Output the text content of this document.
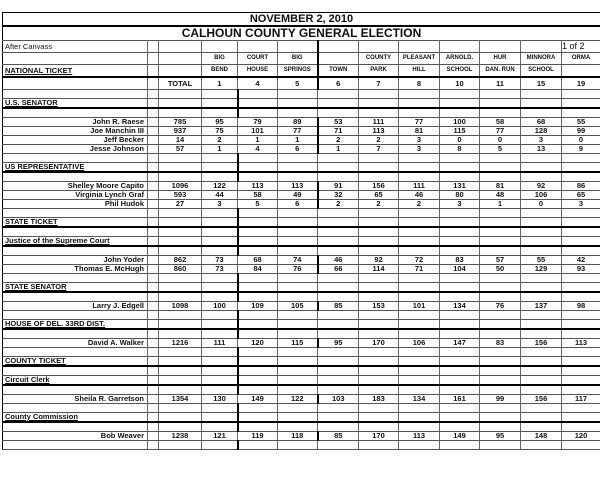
NOVEMBER 2, 2010
CALHOUN COUNTY GENERAL ELECTION
After Canvass												1 of 2
			BIG	COURT	BIG		COUNTY	PLEASANT	ARNOLD.	HUR	MINNORA	ORMA
NATIONAL TICKET			BEND	HOUSE	SPRINGS	TOWN	PARK	HILL	SCHOOL	DAN. RUN	SCHOOL	
		TOTAL	1	4	5	6	7	8	10	11	15	19

U.S. SENATOR												

John R. Raese		785	95	79	89	53	111	77	100	58	68	55
Joe Manchin III		937	75	101	77	71	113	81	115	77	128	99
Jeff Becker		14	2	1	1	2	2	3	0	0	3	0
Jesse Johnson		57	1	4	6	1	7	3	8	5	13	9

US REPRESENTATIVE												

Shelley Moore Capito		1096	122	113	113	91	156	111	131	81	92	86
Virginia Lynch Graf		593	44	58	49	32	65	46	80	48	106	65
Phil Hudok		27	3	5	6	2	2	2	3	1	0	3

STATE TICKET												

Justice of the Supreme Court												

John Yoder		862	73	68	74	46	92	72	83	57	55	42
Thomas E. McHugh		860	73	84	76	66	114	71	104	50	129	93

STATE SENATOR												

Larry J. Edgell		1098	100	109	105	85	153	101	134	76	137	98

HOUSE OF DEL. 33RD DIST.												

David A. Walker		1216	111	120	115	95	170	106	147	83	156	113

COUNTY TICKET												

Circuit Clerk												

Sheila R. Garretson		1354	130	149	122	103	183	134	161	99	156	117

County Commission												

Bob Weaver		1238	121	119	118	85	170	113	149	95	148	120
